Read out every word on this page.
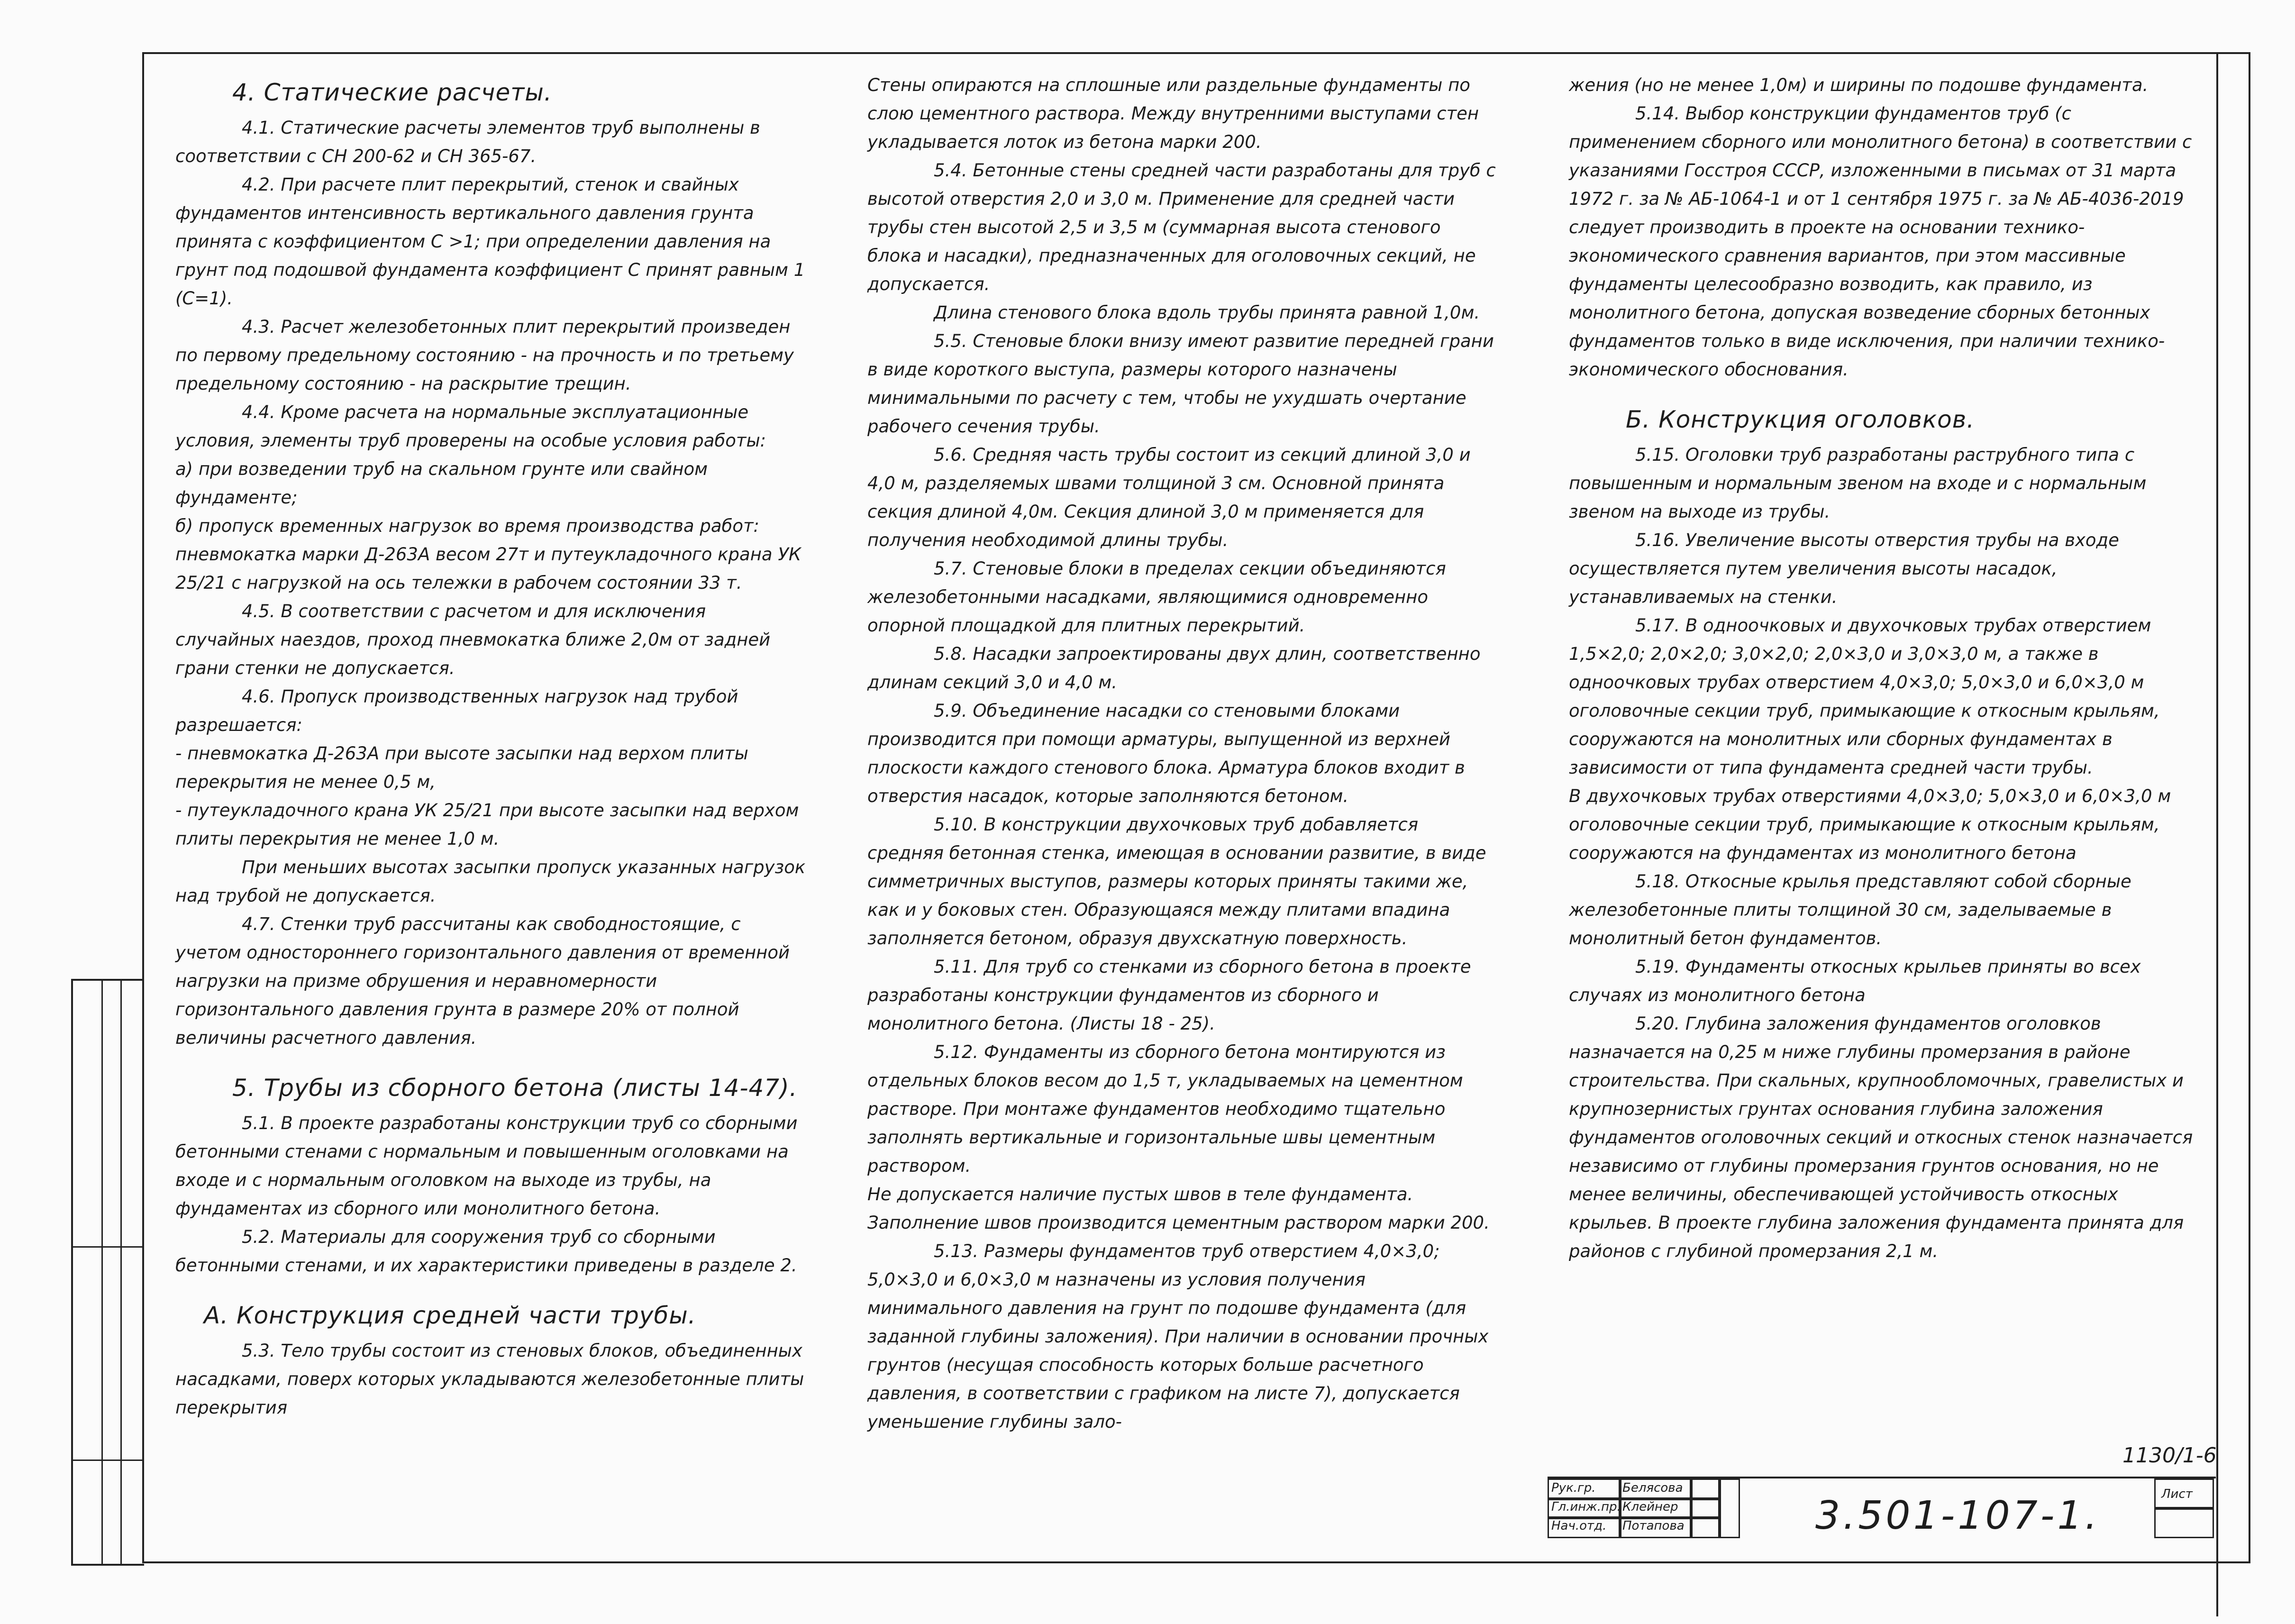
4. Статические расчеты.

4.1. Статические расчеты элементов труб выполнены в соответствии с СН 200-62 и СН 365-67.

4.2. При расчете плит перекрытий, стенок и свайных фундаментов интенсивность вертикального давления грунта принята с коэффициентом С >1; при определении давления на грунт под подошвой фундамента коэффициент С принят равным 1 (С=1).

4.3. Расчет железобетонных плит перекрытий произведен по первому предельному состоянию - на прочность и по третьему предельному состоянию - на раскрытие трещин.

4.4. Кроме расчета на нормальные эксплуатационные условия, элементы труб проверены на особые условия работы:

а) при возведении труб на скальном грунте или свайном фундаменте;

б) пропуск временных нагрузок во время производства работ: пневмокатка марки Д-263А весом 27т и путеукладочного крана УК 25/21 с нагрузкой на ось тележки в рабочем состоянии 33 т.

4.5. В соответствии с расчетом и для исключения случайных наездов, проход пневмокатка ближе 2,0м от задней грани стенки не допускается.

4.6. Пропуск производственных нагрузок над трубой разрешается:

- пневмокатка Д-263А при высоте засыпки над верхом плиты перекрытия не менее 0,5 м,

- путеукладочного крана УК 25/21 при высоте засыпки над верхом плиты перекрытия не менее 1,0 м.

При меньших высотах засыпки пропуск указанных нагрузок над трубой не допускается.

4.7. Стенки труб рассчитаны как свободностоящие, с учетом одностороннего горизонтального давления от временной нагрузки на призме обрушения и неравномерности горизонтального давления грунта в размере 20% от полной величины расчетного давления.

5. Трубы из сборного бетона (листы 14-47).

5.1. В проекте разработаны конструкции труб со сборными бетонными стенами с нормальным и повышенным оголовками на входе и с нормальным оголовком на выходе из трубы, на фундаментах из сборного или монолитного бетона.

5.2. Материалы для сооружения труб со сборными бетонными стенами, и их характеристики приведены в разделе 2.

А. Конструкция средней части трубы.

5.3. Тело трубы состоит из стеновых блоков, объединенных насадками, поверх которых укладываются железобетонные плиты перекрытия

Стены опираются на сплошные или раздельные фундаменты по слою цементного раствора. Между внутренними выступами стен укладывается лоток из бетона марки 200.

5.4. Бетонные стены средней части разработаны для труб с высотой отверстия 2,0 и 3,0 м. Применение для средней части трубы стен высотой 2,5 и 3,5 м (суммарная высота стенового блока и насадки), предназначенных для оголовочных секций, не допускается.

Длина стенового блока вдоль трубы принята равной 1,0м.

5.5. Стеновые блоки внизу имеют развитие передней грани в виде короткого выступа, размеры которого назначены минимальными по расчету с тем, чтобы не ухудшать очертание рабочего сечения трубы.

5.6. Средняя часть трубы состоит из секций длиной 3,0 и 4,0 м, разделяемых швами толщиной 3 см. Основной принята секция длиной 4,0м. Секция длиной 3,0 м применяется для получения необходимой длины трубы.

5.7. Стеновые блоки в пределах секции объединяются железобетонными насадками, являющимися одновременно опорной площадкой для плитных перекрытий.

5.8. Насадки запроектированы двух длин, соответственно длинам секций 3,0 и 4,0 м.

5.9. Объединение насадки со стеновыми блоками производится при помощи арматуры, выпущенной из верхней плоскости каждого стенового блока. Арматура блоков входит в отверстия насадок, которые заполняются бетоном.

5.10. В конструкции двухочковых труб добавляется средняя бетонная стенка, имеющая в основании развитие, в виде симметричных выступов, размеры которых приняты такими же, как и у боковых стен. Образующаяся между плитами впадина заполняется бетоном, образуя двухскатную поверхность.

5.11. Для труб со стенками из сборного бетона в проекте разработаны конструкции фундаментов из сборного и монолитного бетона. (Листы 18 - 25).

5.12. Фундаменты из сборного бетона монтируются из отдельных блоков весом до 1,5 т, укладываемых на цементном растворе. При монтаже фундаментов необходимо тщательно заполнять вертикальные и горизонтальные швы цементным раствором.

Не допускается наличие пустых швов в теле фундамента. Заполнение швов производится цементным раствором марки 200.

5.13. Размеры фундаментов труб отверстием 4,0×3,0; 5,0×3,0 и 6,0×3,0 м назначены из условия получения минимального давления на грунт по подошве фундамента (для заданной глубины заложения). При наличии в основании прочных грунтов (несущая способность которых больше расчетного давления, в соответствии с графиком на листе 7), допускается уменьшение глубины зало-

жения (но не менее 1,0м) и ширины по подошве фундамента.

5.14. Выбор конструкции фундаментов труб (с применением сборного или монолитного бетона) в соответствии с указаниями Госстроя СССР, изложенными в письмах от 31 марта 1972 г. за № АБ-1064-1 и от 1 сентября 1975 г. за № АБ-4036-2019 следует производить в проекте на основании технико-экономического сравнения вариантов, при этом массивные фундаменты целесообразно возводить, как правило, из монолитного бетона, допуская возведение сборных бетонных фундаментов только в виде исключения, при наличии технико-экономического обоснования.

Б. Конструкция оголовков.

5.15. Оголовки труб разработаны раструбного типа с повышенным и нормальным звеном на входе и с нормальным звеном на выходе из трубы.

5.16. Увеличение высоты отверстия трубы на входе осуществляется путем увеличения высоты насадок, устанавливаемых на стенки.

5.17. В одноочковых и двухочковых трубах отверстием 1,5×2,0; 2,0×2,0; 3,0×2,0; 2,0×3,0 и 3,0×3,0 м, а также в одноочковых трубах отверстием 4,0×3,0; 5,0×3,0 и 6,0×3,0 м оголовочные секции труб, примыкающие к откосным крыльям, сооружаются на монолитных или сборных фундаментах в зависимости от типа фундамента средней части трубы.

В двухочковых трубах отверстиями 4,0×3,0; 5,0×3,0 и 6,0×3,0 м оголовочные секции труб, примыкающие к откосным крыльям, сооружаются на фундаментах из монолитного бетона

5.18. Откосные крылья представляют собой сборные железобетонные плиты толщиной 30 см, заделываемые в монолитный бетон фундаментов.

5.19. Фундаменты откосных крыльев приняты во всех случаях из монолитного бетона

5.20. Глубина заложения фундаментов оголовков назначается на 0,25 м ниже глубины промерзания в районе строительства. При скальных, крупнообломочных, гравелистых и крупнозернистых грунтах основания глубина заложения фундаментов оголовочных секций и откосных стенок назначается независимо от глубины промерзания грунтов основания, но не менее величины, обеспечивающей устойчивость откосных крыльев. В проекте глубина заложения фундамента принята для районов с глубиной промерзания 2,1 м.

1130/1-6
Рук.гр. Белясова
Гл.инж.пр. Клейнер
Нач.отд. Потапова
Лист
3.501-107-1.
